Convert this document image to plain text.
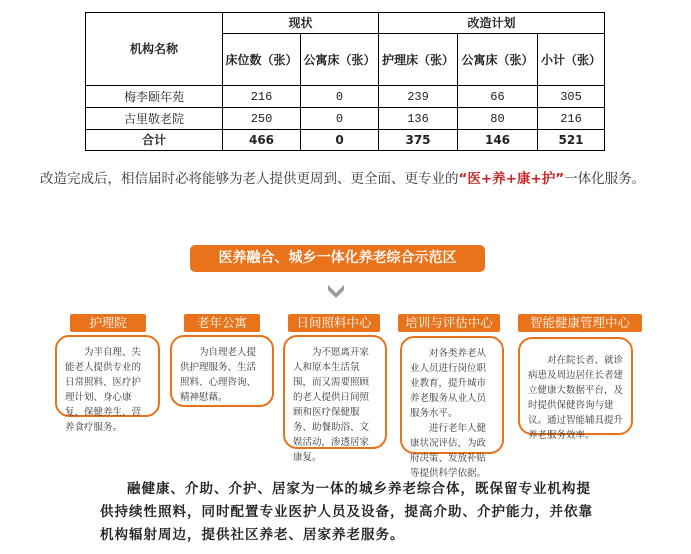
机构名称	现状		改造计划		
	床位数（张）	公寓床（张）	护理床（张）	公寓床（张）	小计（张）
梅李颐年苑	216	0	239	66	305
古里敬老院	250	0	136	80	216
合计	466	0	375	146	521
改造完成后，相信届时必将能够为老人提供更周到、更全面、更专业的“医+养+康+护”一体化服务。
医养融合、城乡一体化养老综合示范区
护理院

为半自理、失能老人提供专业的日常照料、医疗护理计划、身心康复、保健养生、营养食疗服务。

老年公寓

为自理老人提供护理服务、生活照料、心理咨询、精神慰藉。

日间照料中心

为不愿离开家人和原本生活氛围，而又需要照顾的老人提供日间照顾和医疗保健服务、助餐助浴、文娱活动，渗透居家康复。

培训与评估中心

对各类养老从业人员进行岗位职业教育，提升城市养老服务从业人员服务水平。

进行老年人健康状况评估，为政府决策、发放补贴等提供科学依据。

智能健康管理中心

对在院长者、就诊病患及周边居住长者建立健康大数据平台，及时提供保健咨询与建议。通过智能辅具提升养老服务效率。

融健康、介助、介护、居家为一体的城乡养老综合体，既保留专业机构提供持续性照料，同时配置专业医护人员及设备，提高介助、介护能力，并依靠机构辐射周边，提供社区养老、居家养老服务。
